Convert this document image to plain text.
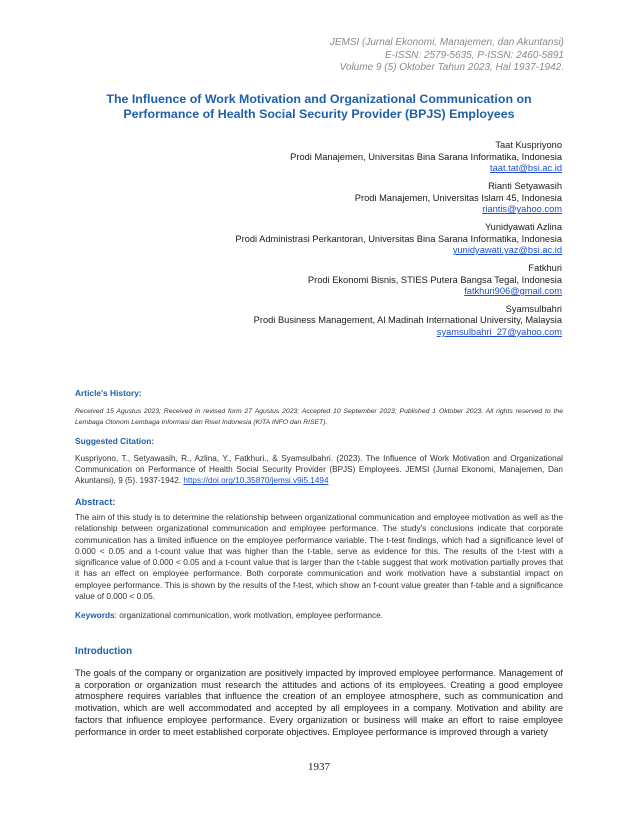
JEMSI (Jurnal Ekonomi, Manajemen, dan Akuntansi)
E-ISSN: 2579-5635, P-ISSN: 2460-5891
Volume 9 (5) Oktober Tahun 2023, Hal 1937-1942.
The Influence of Work Motivation and Organizational Communication on
Performance of Health Social Security Provider (BPJS) Employees
Taat Kuspriyono
Prodi Manajemen, Universitas Bina Sarana Informatika, Indonesia
taat.tat@bsi.ac.id
Rianti Setyawasih
Prodi Manajemen, Universitas Islam 45, Indonesia
riantis@yahoo.com
Yunidyawati Azlina
Prodi Administrasi Perkantoran, Universitas Bina Sarana Informatika, Indonesia
yunidyawati.yaz@bsi.ac.id
Fatkhuri
Prodi Ekonomi Bisnis, STIES Putera Bangsa Tegal, Indonesia
fatkhuri906@gmail.com
Syamsulbahri
Prodi Business Management, Al Madinah International University, Malaysia
syamsulbahri_27@yahoo.com
Article's History:
Received 15 Agustus 2023; Received in revised form 27 Agustus 2023; Accepted 10 September 2023; Published 1 Oktober 2023. All rights reserved to the Lembaga Otonom Lembaga Informasi dan Riset Indonesia (KITA INFO dan RISET).
Suggested Citation:
Kuspriyono, T., Setyawasih, R., Azlina, Y., Fatkhuri., & Syamsulbahri. (2023). The Influence of Work Motivation and Organizational Communication on Performance of Health Social Security Provider (BPJS) Employees. JEMSI (Jurnal Ekonomi, Manajemen, Dan Akuntansi), 9 (5). 1937-1942. https://doi.org/10.35870/jemsi.v9i5.1494
Abstract:
The aim of this study is to determine the relationship between organizational communication and employee motivation as well as the relationship between organizational communication and employee performance. The study's conclusions indicate that corporate communication has a limited influence on the employee performance variable. The t-test findings, which had a significance level of 0.000 < 0.05 and a t-count value that was higher than the t-table, serve as evidence for this. The results of the t-test with a significance value of 0.000 < 0.05 and a t-count value that is larger than the t-table suggest that work motivation partially proves that it has an effect on employee performance. Both corporate communication and work motivation have a substantial impact on employee performance. This is shown by the results of the f-test, which show an f-count value greater than f-table and a significance value of 0.000 < 0.05.
Keywords: organizational communication, work motivation, employee performance.
Introduction
The goals of the company or organization are positively impacted by improved employee performance. Management of a corporation or organization must research the attitudes and actions of its employees. Creating a good employee atmosphere requires variables that influence the creation of an employee atmosphere, such as communication and motivation, which are well accommodated and accepted by all employees in a company. Motivation and ability are factors that influence employee performance. Every organization or business will make an effort to raise employee performance in order to meet established corporate objectives. Employee performance is improved through a variety
1937
